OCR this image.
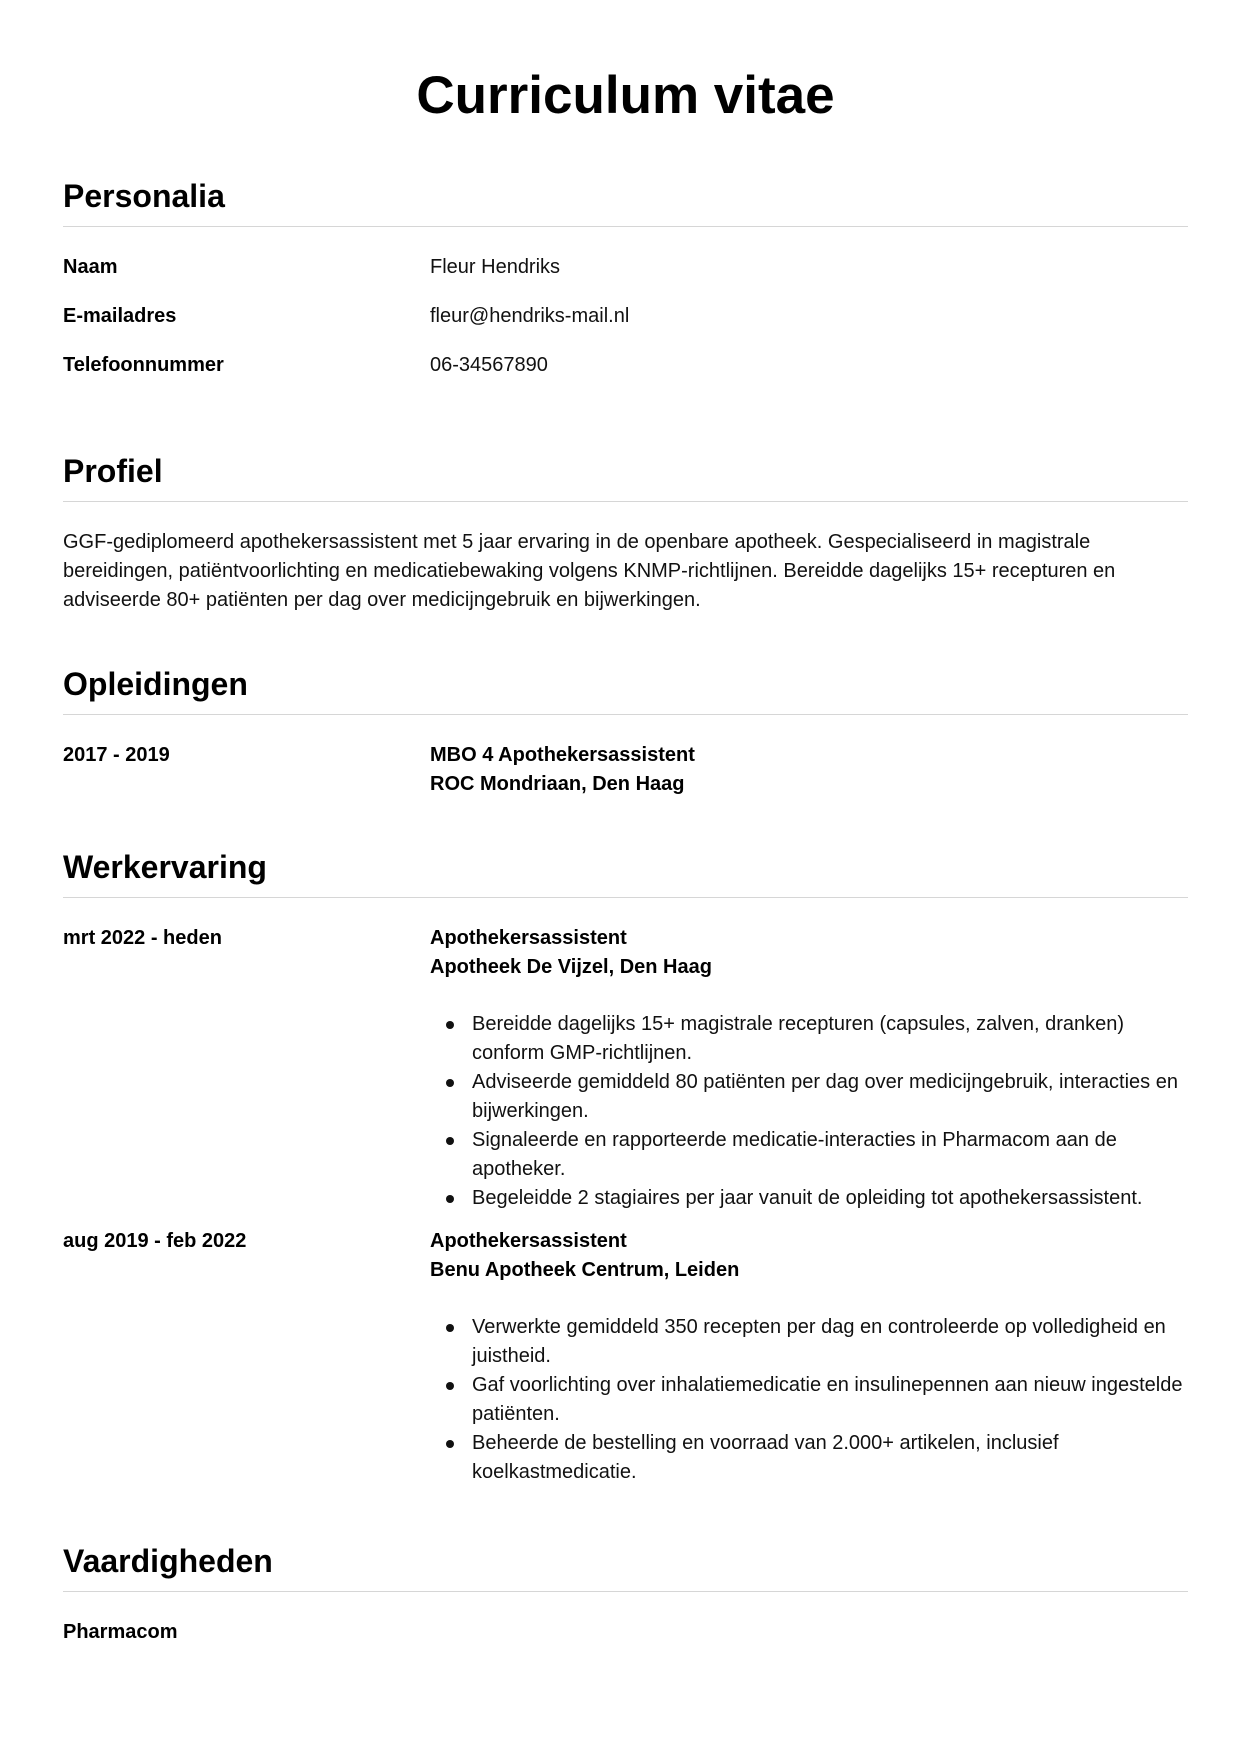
Curriculum vitae
Personalia
Naam	Fleur Hendriks
E-mailadres	fleur@hendriks-mail.nl
Telefoonnummer	06-34567890
Profiel

GGF-gediplomeerd apothekersassistent met 5 jaar ervaring in de openbare apotheek. Gespecialiseerd in magistrale bereidingen, patiëntvoorlichting en medicatiebewaking volgens KNMP-richtlijnen. Bereidde dagelijks 15+ recepturen en adviseerde 80+ patiënten per dag over medicijngebruik en bijwerkingen.

Opleidingen
2017 - 2019	MBO 4 Apothekersassistent
ROC Mondriaan, Den Haag
Werkervaring
mrt 2022 - heden	Apothekersassistent
Apotheek De Vijzel, Den Haag
Bereidde dagelijks 15+ magistrale recepturen (capsules, zalven, dranken) conform GMP-richtlijnen.
Adviseerde gemiddeld 80 patiënten per dag over medicijngebruik, interacties en bijwerkingen.
Signaleerde en rapporteerde medicatie-interacties in Pharmacom aan de apotheker.
Begeleidde 2 stagiaires per jaar vanuit de opleiding tot apothekersassistent.
aug 2019 - feb 2022	Apothekersassistent
Benu Apotheek Centrum, Leiden
Verwerkte gemiddeld 350 recepten per dag en controleerde op volledigheid en juistheid.
Gaf voorlichting over inhalatiemedicatie en insulinepennen aan nieuw ingestelde patiënten.
Beheerde de bestelling en voorraad van 2.000+ artikelen, inclusief koelkastmedicatie.
Vaardigheden
Pharmacom
